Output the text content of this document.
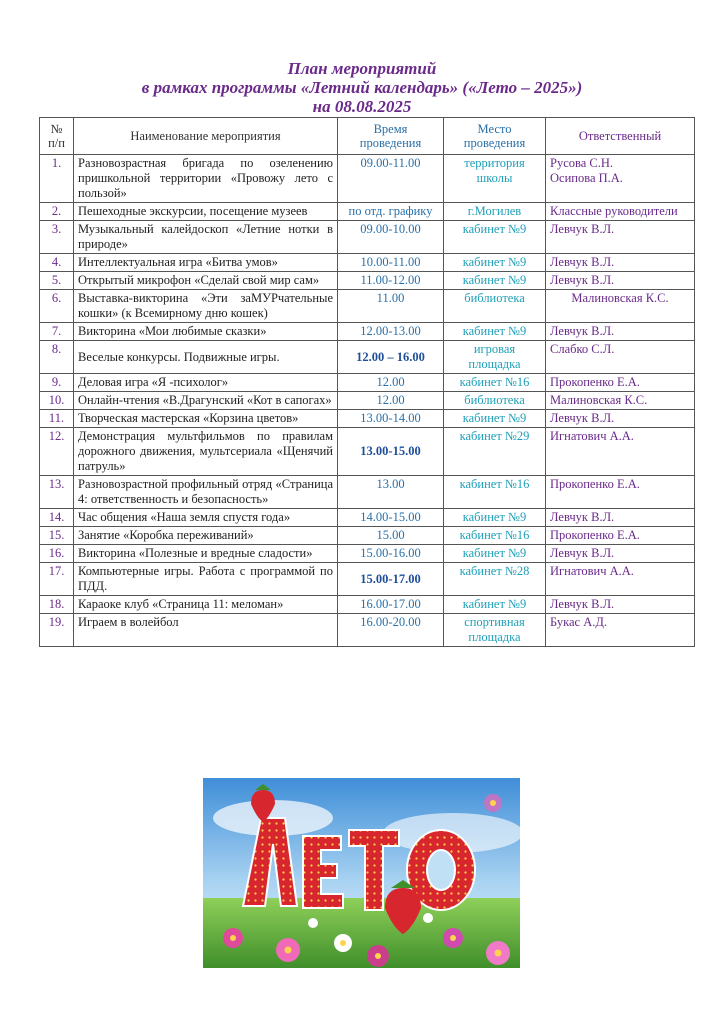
План мероприятий
в рамках программы «Летний календарь» («Лето – 2025»)
на 08.08.2025
№ п/п	Наименование мероприятия	Время проведения	Место проведения	Ответственный
1.	Разновозрастная бригада по озеленению пришкольной территории «Провожу лето с пользой»	09.00-11.00	территория школы	Русова С.Н.
Осипова П.А.
2.	Пешеходные экскурсии, посещение музеев	по отд. графику	г.Могилев	Классные руководители
3.	Музыкальный калейдоскоп «Летние нотки в природе»	09.00-10.00	кабинет №9	Левчук В.Л.
4.	Интеллектуальная игра «Битва умов»	10.00-11.00	кабинет №9	Левчук В.Л.
5.	Открытый микрофон «Сделай свой мир сам»	11.00-12.00	кабинет №9	Левчук В.Л.
6.	Выставка-викторина «Эти заМУРчательные кошки» (к Всемирному дню кошек)	11.00	библиотека	Малиновская К.С.
7.	Викторина «Мои любимые сказки»	12.00-13.00	кабинет №9	Левчук В.Л.
8.	Веселые конкурсы. Подвижные игры.	12.00 – 16.00	игровая площадка	Слабко С.Л.
9.	Деловая игра «Я -психолог»	12.00	кабинет №16	Прокопенко Е.А.
10.	Онлайн-чтения «В.Драгунский «Кот в сапогах»	12.00	библиотека	Малиновская К.С.
11.	Творческая мастерская «Корзина цветов»	13.00-14.00	кабинет №9	Левчук В.Л.
12.	Демонстрация мультфильмов по правилам дорожного движения, мультсериала «Щенячий патруль»	13.00-15.00	кабинет №29	Игнатович А.А.
13.	Разновозрастной профильный отряд «Страница 4: ответственность и безопасность»	13.00	кабинет №16	Прокопенко Е.А.
14.	Час общения «Наша земля спустя года»	14.00-15.00	кабинет №9	Левчук В.Л.
15.	Занятие «Коробка переживаний»	15.00	кабинет №16	Прокопенко Е.А.
16.	Викторина «Полезные и вредные сладости»	15.00-16.00	кабинет №9	Левчук В.Л.
17.	Компьютерные игры. Работа с программой по ПДД.	15.00-17.00	кабинет №28	Игнатович А.А.
18.	Караоке клуб «Страница 11: меломан»	16.00-17.00	кабинет №9	Левчук В.Л.
19.	Играем в волейбол	16.00-20.00	спортивная площадка	Букас А.Д.
